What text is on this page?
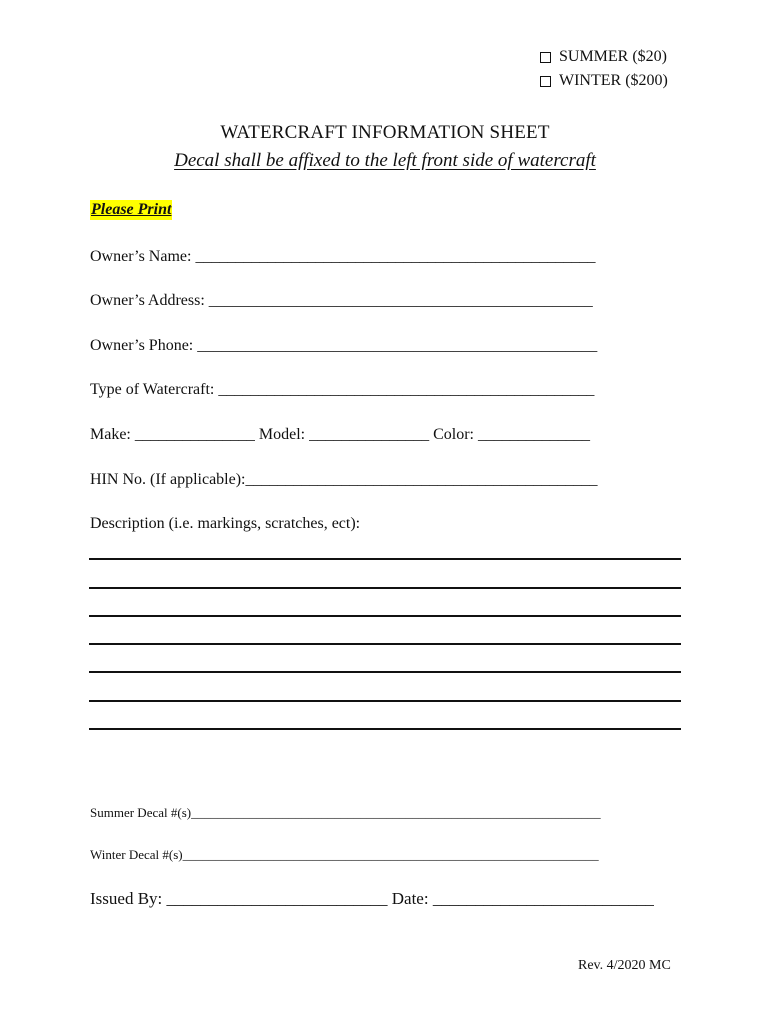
SUMMER ($20)
WINTER ($200)
WATERCRAFT INFORMATION SHEET
Decal shall be affixed to the left front side of watercraft
Please Print
Owner’s Name: __________________________________________________
Owner’s Address: ________________________________________________
Owner’s Phone: __________________________________________________
Type of Watercraft: _______________________________________________
Make: _______________ Model: _______________ Color: ______________
HIN No. (If applicable):____________________________________________
Description (i.e. markings, scratches, ect):
Summer Decal #(s)_______________________________________________________________
Winter Decal #(s)________________________________________________________________
Issued By: __________________________ Date: __________________________
Rev. 4/2020 MC
